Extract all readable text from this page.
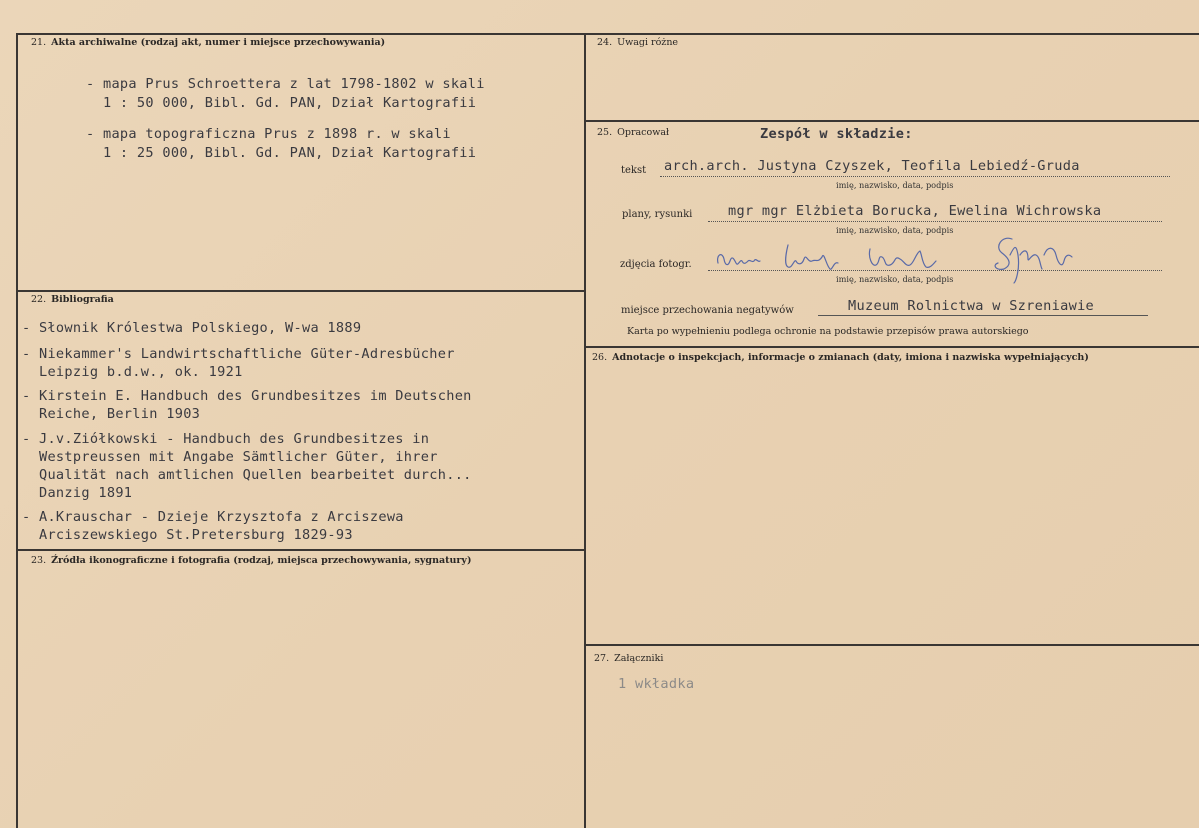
21. Akta archiwalne (rodzaj akt, numer i miejsce przechowywania)
- mapa Prus Schroettera z lat 1798-1802 w skali
1 : 50 000, Bibl. Gd. PAN, Dział Kartografii
- mapa topograficzna Prus z 1898 r. w skali
1 : 25 000, Bibl. Gd. PAN, Dział Kartografii
22. Bibliografia
- Słownik Królestwa Polskiego, W-wa 1889
- Niekammer's Landwirtschaftliche Güter-Adresbücher
Leipzig b.d.w., ok. 1921
- Kirstein E. Handbuch des Grundbesitzes im Deutschen
Reiche, Berlin 1903
- J.v.Ziółkowski - Handbuch des Grundbesitzes in
Westpreussen mit Angabe Sämtlicher Güter, ihrer
Qualität nach amtlichen Quellen bearbeitet durch...
Danzig 1891
- A.Krauschar - Dzieje Krzysztofa z Arciszewa
Arciszewskiego St.Pretersburg 1829-93
23. Źródła ikonograficzne i fotografia (rodzaj, miejsca przechowywania, sygnatury)
24. Uwagi różne
25. Opracował	Zespół w składzie:
tekst arch.arch. Justyna Czyszek, Teofila Lebiedź-Gruda
imię, nazwisko, data, podpis
plany, rysunki	mgr mgr Elżbieta Borucka, Ewelina Wichrowska
imię, nazwisko, data, podpis
zdjęcia fotogr.
imię, nazwisko, data, podpis
miejsce przechowania negatywów	Muzeum Rolnictwa w Szreniawie
Karta po wypełnieniu podlega ochronie na podstawie przepisów prawa autorskiego
26. Adnotacje o inspekcjach, informacje o zmianach (daty, imiona i nazwiska wypełniających)
27. Załączniki
1 wkładka
